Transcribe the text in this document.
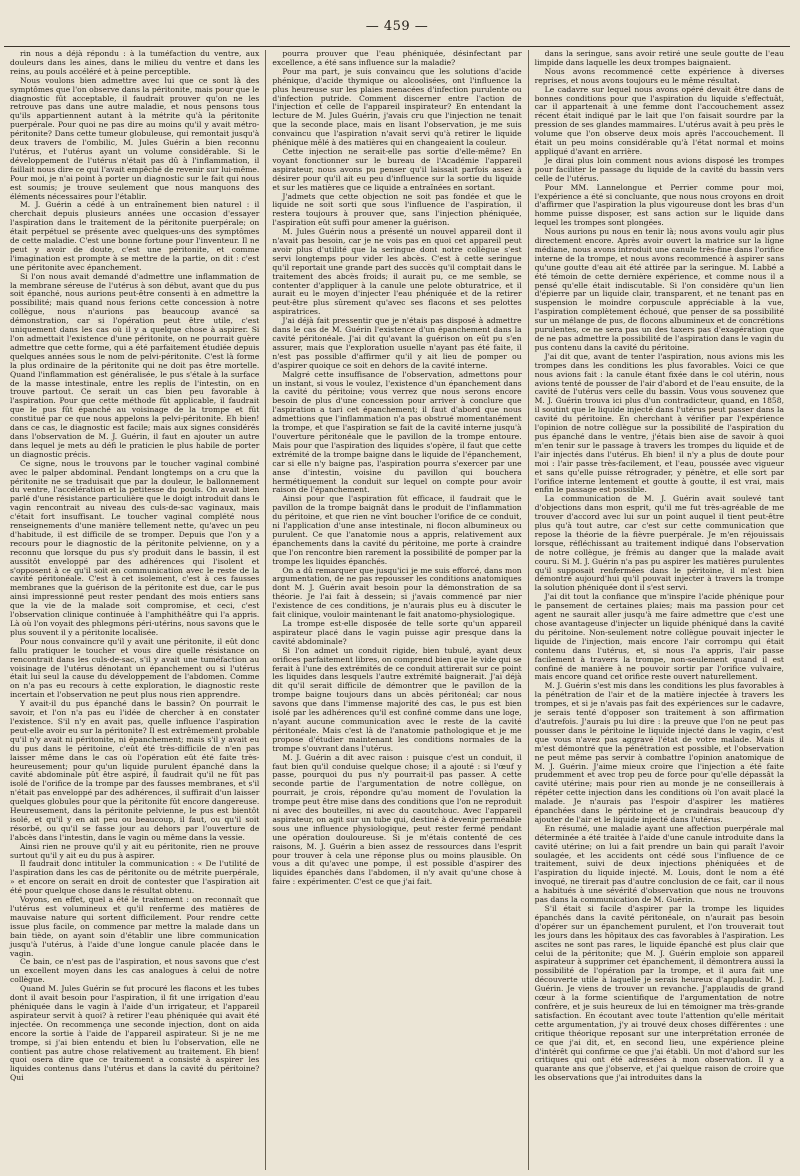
— 459 —

rin nous a déjà répondu : à la tuméfaction du ventre, aux douleurs dans les aines, dans le milieu du ventre et dans les reins, au pouls accéléré et à peine perceptible.

Nous voulons bien admettre avec lui que ce sont là des symptômes que l'on observe dans la péritonite, mais pour que le diagnostic fût acceptable, il faudrait prouver qu'on ne les retrouve pas dans une autre maladie, et nous pensons tous qu'ils appartiennent autant à la métrite qu'à la péritonite puerpérale. Pour quoi ne pas dire au moins qu'il y avait métro-péritonite? Dans cette tumeur globuleuse, qui remontait jusqu'à deux travers de l'ombilic, M. Jules Guérin a bien reconnu l'utérus, et l'utérus ayant un volume considérable. Si le développement de l'utérus n'était pas dû à l'inflammation, il faillait nous dire ce qui l'avait empêché de revenir sur lui-même. Pour moi, je n'ai point à porter un diagnostic sur le fait qui nous est soumis; je trouve seulement que nous manquons des éléments nécessaires pour l'établir.

M. J. Guérin a cédé à un entraînement bien naturel : il cherchait depuis plusieurs années une occasion d'essayer l'aspiration dans le traitement de la péritonite puerpérale; on était perpétuel se présente avec quelques-uns des symptômes de cette maladie. C'est une bonne fortune pour l'inventeur. Il ne peut y avoir de doute, c'est une péritonite, et comme l'imagination est prompte à se mettre de la partie, on dit : c'est une péritonite avec épanchement.

Si l'on nous avait demandé d'admettre une inflammation de la membrane séreuse de l'utérus à son début, avant que du pus soit épanché, nous aurions peut-être consenti à en admettre la possibilité; mais quand nous ferions cette concession à notre collègue, nous n'aurions pas beaucoup avancé sa démonstration, car si l'opération peut être utile, c'est uniquement dans les cas où il y a quelque chose à aspirer. Si l'on admettait l'existence d'une péritonite, on ne pourrait guère admettre que cette forme, qui a été parfaitement étudiée depuis quelques années sous le nom de pelvi-péritonite. C'est là forme la plus ordinaire de la péritonite qui ne doit pas être mortelle. Quand l'inflammation est généralisée, le pus s'étale à la surface de la masse intestinale, entre les replis de l'intestin, on en trouve partout. Ce serait un cas bien peu favorable à l'aspiration. Pour que cette méthode fût applicable, il faudrait que le pus fût épanché au voisinage de la trompe et fût constitué par ce que nous appelons la pelvi-péritonite. Eh bien! dans ce cas, le diagnostic est facile; mais aux signes considérés dans l'observation de M. J. Guérin, il faut en ajouter un autre dans lequel je mets au défi le praticien le plus habile de porter un diagnostic précis.

Ce signe, nous le trouvons par le toucher vaginal combiné avec le palper abdominal. Pendant longtemps on a cru que la péritonite ne se traduisait que par la douleur, le ballonnement du ventre, l'accélération et la petitesse du pouls. On avait bien parlé d'une résistance particulière que le doigt introduit dans le vagin rencontrait au niveau des culs-de-sac vaginaux, mais c'était fort insuffisant. Le toucher vaginal complété nous renseignements d'une manière tellement nette, qu'avec un peu d'habitude, il est difficile de se tromper. Depuis que l'on y a recours pour le diagnostic de la péritonite pelvienne, on y a reconnu que lorsque du pus s'y produit dans le bassin, il est aussitôt enveloppé par des adhérences qui l'isolent et s'opposent à ce qu'il soit en communication avec le reste de la cavité péritonéale. C'est à cet isolement, c'est à ces fausses membranes que la guérison de la péritonite est due, car le pus ainsi impressionné peut rester pendant des mois entiers sans que la vie de la malade soit compromise, et ceci, c'est l'observation clinique continuée à l'amphithéâtre qui l'a appris. Là où l'on voyait des phlegmons péri-utérins, nous savons que le plus souvent il y a péritonite localisée.

Pour nous convaincre qu'il y avait une péritonite, il eût donc fallu pratiquer le toucher et vous dire quelle résistance on rencontrait dans les culs-de-sac, s'il y avait une tuméfaction au voisinage de l'utérus dénotant un épanchement ou si l'utérus était lui seul la cause du développement de l'abdomen. Comme on n'a pas eu recours à cette exploration, le diagnostic reste incertain et l'observation ne peut plus nous rien apprendre.

Y avait-il du pus épanché dans le bassin? On pourrait le savoir, et l'on n'a pas eu l'idée de chercher à en constater l'existence. S'il n'y en avait pas, quelle influence l'aspiration peut-elle avoir eu sur la péritonite? Il est extrêmement probable qu'il n'y avait ni péritonite, ni épanchement; mais s'il y avait eu du pus dans le péritoine, c'eût été très-difficile de n'en pas laisser même dans le cas où l'opération eût été faite très-heureusement; pour qu'un liquide purulent épanché dans la cavité abdominale pût être aspiré, il faudrait qu'il ne fût pas isolé de l'orifice de la trompe par des fausses membranes, et s'il n'était pas enveloppé par des adhérences, il suffirait d'un laisser quelques globules pour que la péritonite fût encore dangereuse. Heureusement, dans la péritonite pelvienne, le pus est bientôt isolé, et qu'il y en ait peu ou beaucoup, il faut, ou qu'il soit résorbé, ou qu'il se fasse jour au dehors par l'ouverture de l'abcès dans l'intestin, dans le vagin ou même dans la vessie.

Ainsi rien ne prouve qu'il y ait eu péritonite, rien ne prouve surtout qu'il y ait eu du pus à aspirer.

Il faudrait donc intituler la communication : « De l'utilité de l'aspiration dans les cas de péritonite ou de métrite puerpérale, » et encore on serait en droit de contester que l'aspiration ait été pour quelque chose dans le résultat obtenu.

Voyons, en effet, quel a été le traitement : on reconnaît que l'utérus est volumineux et qu'il renferme des matières de mauvaise nature qui sortent difficilement. Pour rendre cette issue plus facile, on commence par mettre la malade dans un bain tiède, on ayant soin d'établir une libre communication jusqu'à l'utérus, à l'aide d'une longue canule placée dans le vagin.

Ce bain, ce n'est pas de l'aspiration, et nous savons que c'est un excellent moyen dans les cas analogues à celui de notre collègue.

Quand M. Jules Guérin se fut procuré les flacons et les tubes dont il avait besoin pour l'aspiration, il fit une irrigation d'eau phéniquée dans le vagin à l'aide d'un irrigateur, et l'appareil aspirateur servit à quoi? à retirer l'eau phéniquée qui avait été injectée. On recommença une seconde injection, dont on aida encore la sortie à l'aide de l'appareil aspirateur. Si je ne me trompe, si j'ai bien entendu et bien lu l'observation, elle ne contient pas autre chose relativement au traitement. Eh bien! quoi osera dire que ce traitement a consisté à aspirer les liquides contenus dans l'utérus et dans la cavité du péritoine? Qui

pourra prouver que l'eau phéniquée, désinfectant par excellence, a été sans influence sur la maladie?

Pour ma part, je suis convaincu que les solutions d'acide phénique, d'acide thymique ou alcoolisées, ont l'influence la plus heureuse sur les plaies menacées d'infection purulente ou d'infection putride. Comment discerner entre l'action de l'injection et celle de l'appareil inspirateur? En entendant la lecture de M. Jules Guérin, j'avais cru que l'injection ne tenait que la seconde place, mais en lisant l'observation, je me suis convaincu que l'aspiration n'avait servi qu'à retirer le liquide phénique mêlé à des matières qui en changeaient la couleur.

Cette injection ne serait-elle pas sortie d'elle-même? En voyant fonctionner sur le bureau de l'Académie l'appareil aspirateur, nous avons pu penser qu'il laissait parfois assez à désirer pour qu'il ait eu peu d'influence sur la sortie du liquide et sur les matières que ce liquide a entraînées en sortant.

J'admets que cette objection ne soit pas fondée et que le liquide ne soit sorti que sous l'influence de l'aspiration, il restera toujours à prouver que, sans l'injection phéniquée, l'aspiration eût suffi pour amener la guérison.

M. Jules Guérin nous a présenté un nouvel appareil dont il n'avait pas besoin, car je ne vois pas en quoi cet appareil peut avoir plus d'utilité que la seringue dont notre collègue s'est servi longtemps pour vider les abcès. C'est à cette seringue qu'il reportait une grande part des succès qu'il comptait dans le traitement des abcès froids; il aurait pu, ce me semble, se contenter d'appliquer à la canule une pelote obturatrice, et il aurait eu le moyen d'injecter l'eau phéniquée et de la retirer peut-être plus sûrement qu'avec ses flacons et ses pelottes aspiratrices.

J'ai déjà fait pressentir que je n'étais pas disposé à admettre dans le cas de M. Guérin l'existence d'un épanchement dans la cavité péritonéale. J'ai dit qu'avant la guérison on eût pu s'en assurer, mais que l'exploration usuelle n'ayant pas été faite, il n'est pas possible d'affirmer qu'il y ait lieu de pomper ou d'aspirer quoique ce soit en dehors de la cavité interne.

Malgré cette insuffisance de l'observation, admettons pour un instant, si vous le voulez, l'existence d'un épanchement dans la cavité du péritoine; vous verrez que nous serons encore besoin de plus d'une concession pour arriver à conclure que l'aspiration a tari cet épanchement; il faut d'abord que nous admettions que l'inflammation n'a pas obstrué momentanément la trompe, et que l'aspiration se fait de la cavité interne jusqu'à l'ouverture péritonéale que le pavillon de la trompe entoure. Mais pour que l'aspiration des liquides s'opère, il faut que cette extrémité de la trompe baigne dans le liquide de l'épanchement, car si elle n'y baigne pas, l'aspiration pourra s'exercer par une anse d'intestin, voisine du pavillon qui bouchera hermétiquement la conduit sur lequel on compte pour avoir raison de l'épanchement.

Ainsi pour que l'aspiration fût efficace, il faudrait que le pavillon de la trompe baignât dans le produit de l'inflammation du péritoine, et que rien ne vînt boucher l'orifice de ce conduit, ni l'application d'une anse intestinale, ni flocon albumineux ou purulent. Ce que l'anatomie nous a appris, relativement aux épanchements dans la cavité du péritoine, me porte à craindre que l'on rencontre bien rarement la possibilité de pomper par la trompe les liquides épanchés.

On a dû remarquer que jusqu'ici je me suis efforcé, dans mon argumentation, de ne pas repousser les conditions anatomiques dont M. J. Guérin avait besoin pour la démonstration de sa théorie. Je l'ai fait à dessein; si j'avais commencé par nier l'existence de ces conditions, je n'aurais plus eu à discuter le fait clinique, vouloir maintenant le fait anatomo-physiologique.

La trompe est-elle disposée de telle sorte qu'un appareil aspirateur placé dans le vagin puisse agir presque dans la cavité abdominale?

Si l'on admet un conduit rigide, bien tubulé, ayant deux orifices parfaitement libres, on comprend bien que le vide qui se ferait à l'une des extrémités de ce conduit attirerait sur ce point les liquides dans lesquels l'autre extrémité baignerait. J'ai déjà dit qu'il serait difficile de démontrer que le pavillon de la trompe baigne toujours dans un abcès péritonéal; car nous savons que dans l'immense majorité des cas, le pus est bien isolé par les adhérences qu'il est confiné comme dans une loge, n'ayant aucune communication avec le reste de la cavité péritonéale. Mais c'est là de l'anatomie pathologique et je me propose d'étudier maintenant les conditions normales de la trompe s'ouvrant dans l'utérus.

M. J. Guérin a dit avec raison : puisque c'est un conduit, il faut bien qu'il conduise quelque chose; il a ajouté : si l'œuf y passe, pourquoi du pus n'y pourrait-il pas passer. A cette seconde partie de l'argumentation de notre collègue, on pourrait, je crois, répondre qu'au moment de l'ovulation la trompe peut être mise dans des conditions que l'on ne reproduit ni avec des bouteilles, ni avec du caoutchouc. Avec l'appareil aspirateur, on agit sur un tube qui, destiné à devenir perméable sous une influence physiologique, peut rester fermé pendant une opération douloureuse. Si je m'étais contenté de ces raisons, M. J. Guérin a bien assez de ressources dans l'esprit pour trouver à cela une réponse plus ou moins plausible. On vous a dit qu'avec une pompe, il est possible d'aspirer des liquides épanchés dans l'abdomen, il n'y avait qu'une chose à faire : expérimenter. C'est ce que j'ai fait.

dans la seringue, sans avoir retiré une seule goutte de l'eau limpide dans laquelle les deux trompes baignaient.

Nous avons recommencé cette expérience à diverses reprises, et nous avons toujours eu le même résultat.

Le cadavre sur lequel nous avons opéré devait être dans de bonnes conditions pour que l'aspiration du liquide s'effectuât, car il appartenait à une femme dont l'accouchement assez récent était indiqué par le lait que l'on faisait sourdre par la pression de ses glandes mammaires. L'utérus avait à peu près le volume que l'on observe deux mois après l'accouchement. Il était un peu moins considérable qu'à l'état normal et moins appliqué d'avant en arrière.

Je dirai plus loin comment nous avions disposé les trompes pour faciliter le passage du liquide de la cavité du bassin vers celle de l'utérus.

Pour MM. Lannelongue et Perrier comme pour moi, l'expérience a été si concluante, que nous nous croyons en droit d'affirmer que l'aspiration la plus vigoureuse dont les bras d'un homme puisse disposer, est sans action sur le liquide dans lequel les trompes sont plongées.

Nous aurions pu nous en tenir là; nous avons voulu agir plus directement encore. Après avoir ouvert la matrice sur la ligne médiane, nous avons introduit une canule très-fine dans l'orifice interne de la trompe, et nous avons recommencé à aspirer sans qu'une goutte d'eau ait été attirée par la seringue. M. Labbé a été témoin de cette dernière expérience, et comme nous il a pensé qu'elle était indiscutable. Si l'on considère qu'un lien d'épierre par un liquide clair, transparent, et ne tenant pas en suspension le moindre corpuscule appréciable à la vue, l'aspiration complètement échoué, que penser de sa possibilité sur un mélange de pus, de flocons albumineux et de concrétions purulentes, ce ne sera pas un des taxers pas d'exagération que de ne pas admettre la possibilité de l'aspiration dans le vagin du pus contenu dans la cavité du péritoine.

J'ai dit que, avant de tenter l'aspiration, nous avions mis les trompes dans les conditions les plus favorables. Voici ce que nous avions fait : la canule étant fixée dans le col utérin, nous avions tenté de pousser de l'air d'abord et de l'eau ensuite, de la cavité de l'utérus vers celle du bassin. Vous vous souvenez que M. J. Guérin trouva ici plus d'un contradicteur, quand, en 1858, il soutint que le liquide injecté dans l'utérus peut passer dans la cavité du péritoine. En cherchant à vérifier par l'expérience l'opinion de notre collègue sur la possibilité de l'aspiration du pus épanché dans le ventre, j'étais bien aise de savoir à quoi m'en tenir sur le passage à travers les trompes du liquide et de l'air injectés dans l'utérus. Eh bien! il n'y a plus de doute pour moi : l'air passe très-facilement, et l'eau, poussée avec vigueur et sans qu'elle puisse rétrograder, y pénètre, et elle sort par l'orifice interne lentement et goutte à goutte, il est vrai, mais enfin le passage est possible.

La communication de M. J. Guérin avait soulevé tant d'objections dans mon esprit, qu'il me fut très-agréable de me trouver d'accord avec lui sur un point auquel il tient peut-être plus qu'à tout autre, car c'est sur cette communication que repose la théorie de la fièvre puerpérale. Je m'en réjouissais lorsque, réfléchissant au traitement indiqué dans l'observation de notre collègue, je frémis au danger que la malade avait couru. Si M. J. Guérin n'a pas pu aspirer les matières purulentes qu'il supposait renfermées dans le péritoine, il m'est bien démontré aujourd'hui qu'il pouvait injecter à travers la trompe la solution phéniquée dont il s'est servi.

J'ai dit tout la confiance que m'inspire l'acide phénique pour le pansement de certaines plaies; mais ma passion pour cet agent ne saurait aller jusqu'à me faire admettre que c'est une chose avantageuse d'injecter un liquide phéniqué dans la cavité du péritoine. Non-seulement notre collègue pouvait injecter le liquide de l'injection, mais encore l'air corrompu qui était contenu dans l'utérus, et, si nous l'a appris, l'air passe facilement à travers la trompe, non-seulement quand il est confiné de manière à ne pouvoir sortir par l'orifice vulvaire, mais encore quand cet orifice reste ouvert naturellement.

M. J. Guérin s'est mis dans les conditions les plus favorables à la pénétration de l'air et de la matière injectée à travers les trompes, et si je n'avais pas fait des expériences sur le cadavre, je serais tenté d'opposer son traitement à son affirmation d'autrefois. J'aurais pu lui dire : la preuve que l'on ne peut pas pousser dans le péritoine le liquide injecté dans le vagin, c'est que vous n'avez pas aggravé l'état de votre malade. Mais il m'est démontré que la pénétration est possible, et l'observation ne peut même pas servir à combattre l'opinion anatomique de M. J. Guérin. J'aime mieux croire que l'injection a été faite prudemment et avec trop peu de force pour qu'elle dépassât la cavité utérine; mais pour rien au monde je ne conseillerais à répéter cette injection dans les conditions où l'on avait placé la malade. Je n'aurais pas l'espoir d'aspirer les matières épanchées dans le péritoine et je craindrais beaucoup d'y ajouter de l'air et le liquide injecté dans l'utérus.

En résumé, une maladie ayant une affection puerpérale mal déterminée a été traitée à l'aide d'une canule introduite dans la cavité utérine; on lui a fait prendre un bain qui paraît l'avoir soulagée, et les accidents ont cédé sous l'influence de ce traitement, suivi de deux injections phéniquées et de l'aspiration du liquide injecté. M. Louis, dont le nom a été invoqué, ne tirerait pas d'autre conclusion de ce fait, car il nous a habitués à une sévérité d'observation que nous ne trouvons pas dans la communication de M. Guérin.

S'il était si facile d'aspirer par la trompe les liquides épanchés dans la cavité péritonéale, on n'aurait pas besoin d'opérer sur un épanchement purulent, et l'on trouverait tout les jours dans les hôpitaux des cas favorables à l'aspiration. Les ascites ne sont pas rares, le liquide épanché est plus clair que celui de la péritonite; que M. J. Guérin emploie son appareil aspirateur à supprimer cet épanchement, il démontrera aussi la possibilité de l'opération par la trompe, et il aura fait une découverte utile à laquelle je serais heureux d'applaudir. M. J. Guérin. Je viens de trouver un revanche. J'applaudis de grand cœur à la forme scientifique de l'argumentation de notre confrère, et je suis heureux de lui en témoigner ma très-grande satisfaction. En écoutant avec toute l'attention qu'elle méritait cette argumentation, j'y ai trouvé deux choses différentes : une critique théorique reposant sur une interprétation erronée de ce que j'ai dit, et, en second lieu, une expérience pleine d'intérêt qui confirme ce que j'ai établi. Un mot d'abord sur les critiques qui ont été adressées à mon observation. Il y a quarante ans que j'observe, et j'ai quelque raison de croire que les observations que j'ai introduites dans la
